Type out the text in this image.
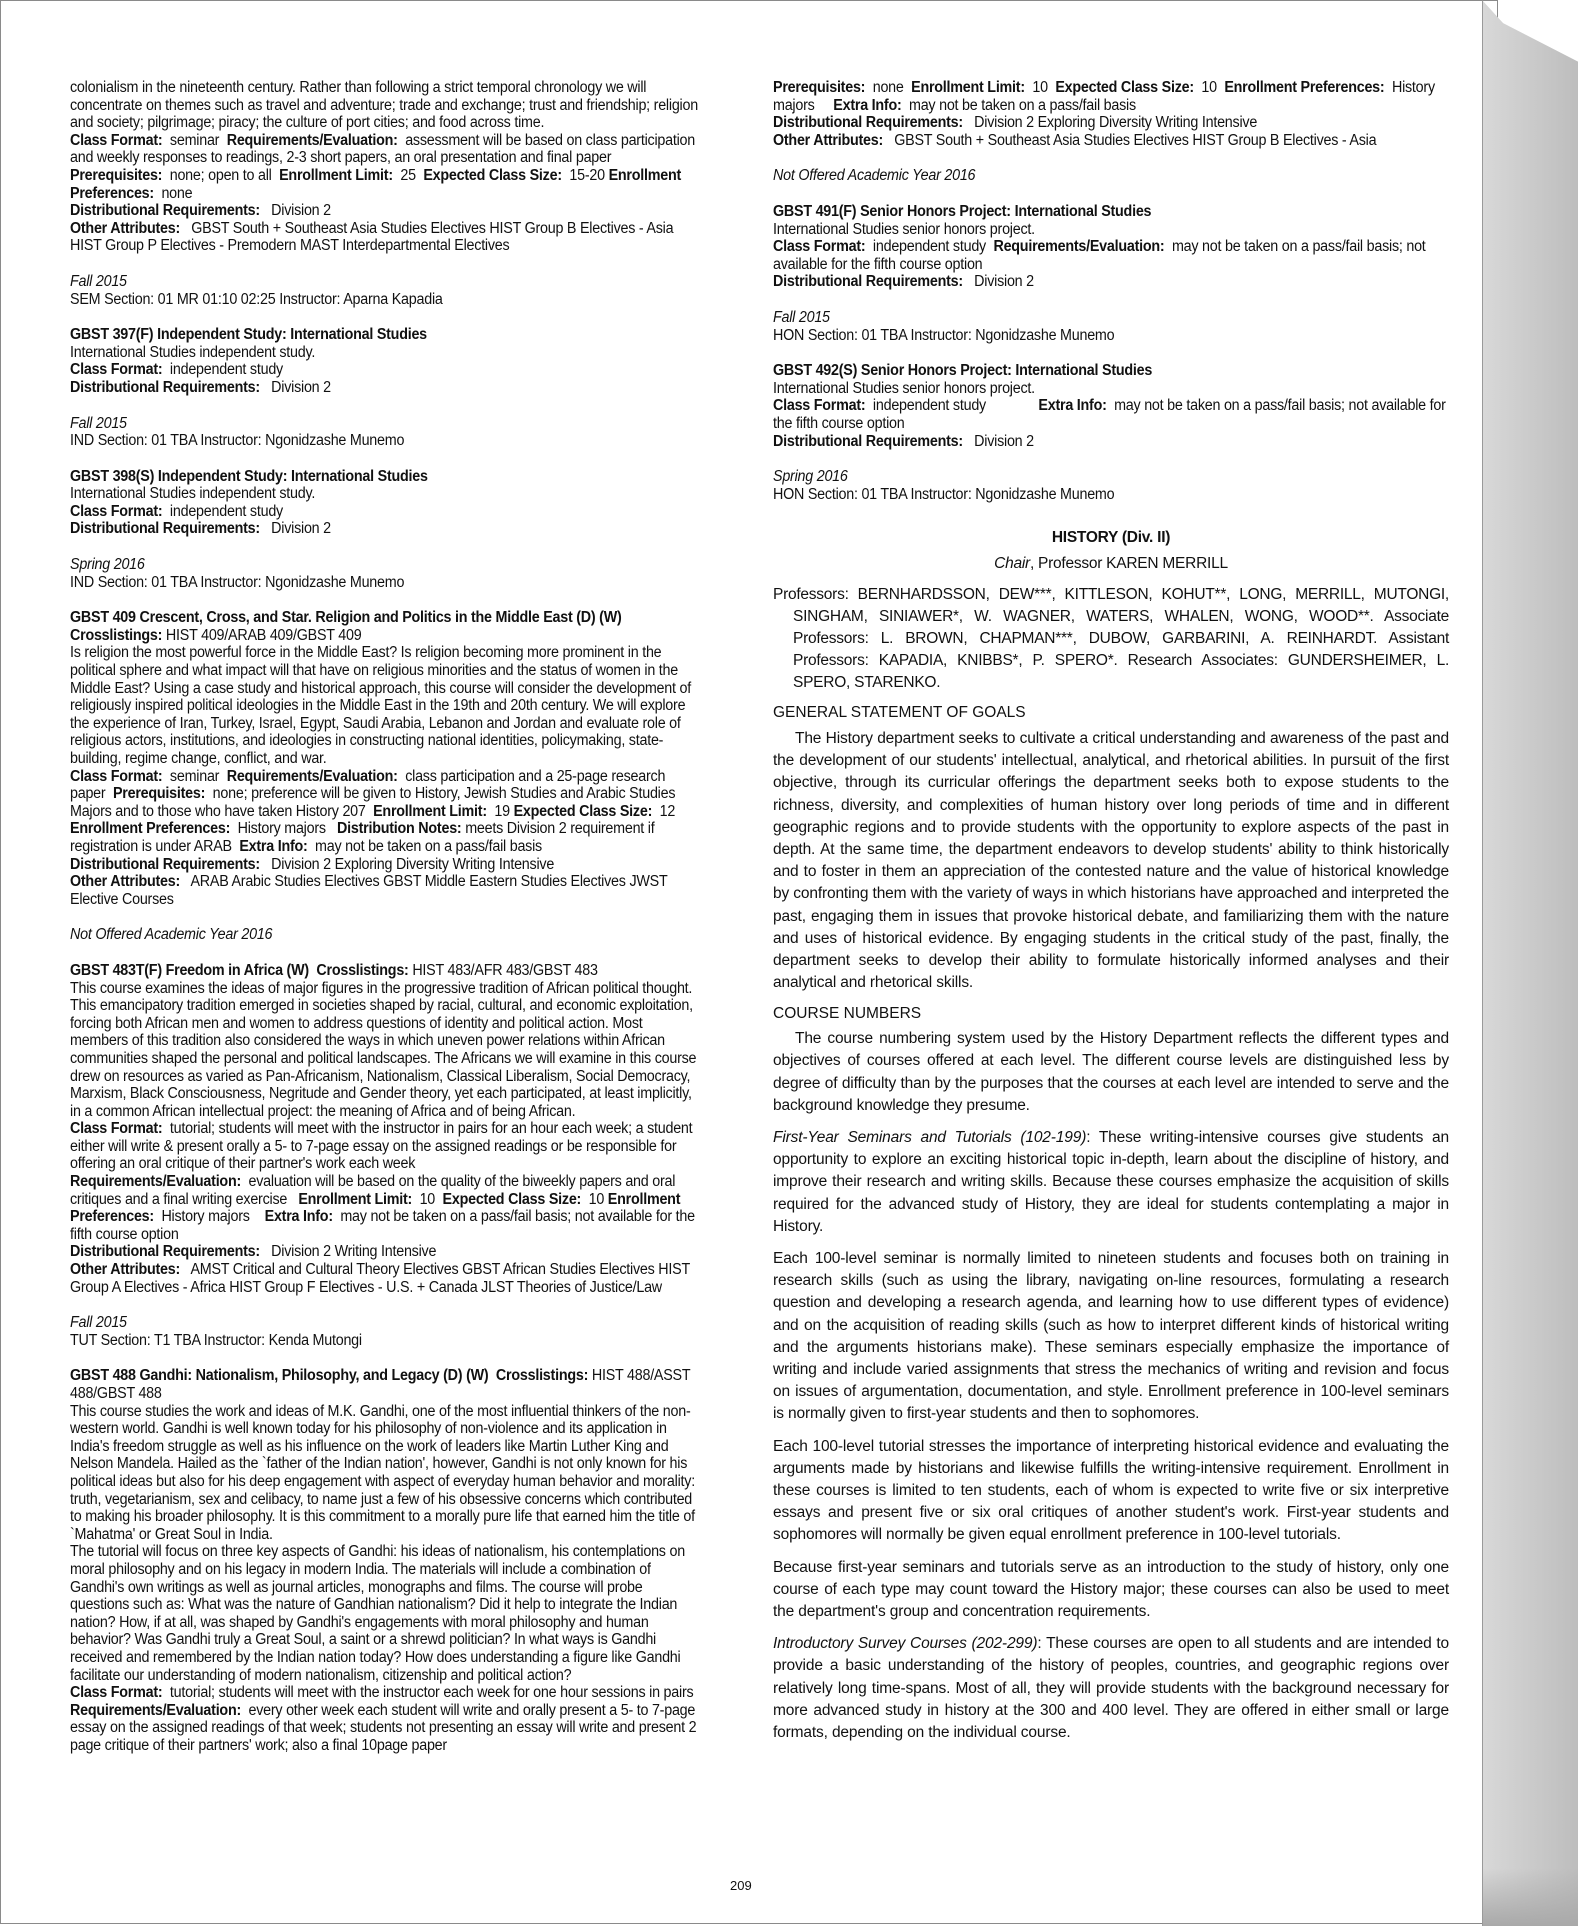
colonialism in the nineteenth century. Rather than following a strict temporal chronology we will concentrate on themes such as travel and adventure; trade and exchange; trust and friendship; religion and society; pilgrimage; piracy; the culture of port cities; and food across time.

Class Format: seminar Requirements/Evaluation: assessment will be based on class participation and weekly responses to readings, 2-3 short papers, an oral presentation and final paper  Prerequisites: none; open to all Enrollment Limit: 25 Expected Class Size: 15-20 Enrollment Preferences: none

Distributional Requirements: Division 2

Other Attributes: GBST South + Southeast Asia Studies Electives HIST Group B Electives - Asia HIST Group P Electives - Premodern MAST Interdepartmental Electives

Fall 2015

SEM Section: 01 MR 01:10 02:25 Instructor: Aparna Kapadia

GBST 397(F) Independent Study: International Studies

International Studies independent study.

Class Format: independent study

Distributional Requirements: Division 2

Fall 2015

IND Section: 01 TBA Instructor: Ngonidzashe Munemo

GBST 398(S) Independent Study: International Studies

International Studies independent study.

Class Format: independent study

Distributional Requirements: Division 2

Spring 2016

IND Section: 01 TBA Instructor: Ngonidzashe Munemo

GBST 409 Crescent, Cross, and Star. Religion and Politics in the Middle East (D) (W)

Crosslistings: HIST 409/ARAB 409/GBST 409

Is religion the most powerful force in the Middle East? Is religion becoming more prominent in the political sphere and what impact will that have on religious minorities and the status of women in the Middle East? Using a case study and historical approach, this course will consider the development of religiously inspired political ideologies in the Middle East in the 19th and 20th century. We will explore the experience of Iran, Turkey, Israel, Egypt, Saudi Arabia, Lebanon and Jordan and evaluate role of religious actors, institutions, and ideologies in constructing national identities, policymaking, state-building, regime change, conflict, and war.

Class Format: seminar Requirements/Evaluation: class participation and a 25-page research paper Prerequisites: none; preference will be given to History, Jewish Studies and Arabic Studies Majors and to those who have taken History 207 Enrollment Limit: 19 Expected Class Size: 12  Enrollment Preferences: History majors Distribution Notes: meets Division 2 requirement if registration is under ARAB Extra Info: may not be taken on a pass/fail basis

Distributional Requirements: Division 2 Exploring Diversity Writing Intensive

Other Attributes: ARAB Arabic Studies Electives GBST Middle Eastern Studies Electives JWST Elective Courses

Not Offered Academic Year 2016

GBST 483T(F) Freedom in Africa (W) Crosslistings: HIST 483/AFR 483/GBST 483

This course examines the ideas of major figures in the progressive tradition of African political thought. This emancipatory tradition emerged in societies shaped by racial, cultural, and economic exploitation, forcing both African men and women to address questions of identity and political action. Most members of this tradition also considered the ways in which uneven power relations within African communities shaped the personal and political landscapes. The Africans we will examine in this course drew on resources as varied as Pan-Africanism, Nationalism, Classical Liberalism, Social Democracy, Marxism, Black Consciousness, Negritude and Gender theory, yet each participated, at least implicitly, in a common African intellectual project: the meaning of Africa and of being African.

Class Format: tutorial; students will meet with the instructor in pairs for an hour each week; a student either will write & present orally a 5- to 7-page essay on the assigned readings or be responsible for offering an oral critique of their partner's work each week

Requirements/Evaluation: evaluation will be based on the quality of the biweekly papers and oral critiques and a final writing exercise Enrollment Limit: 10 Expected Class Size: 10 Enrollment Preferences: History majors Extra Info: may not be taken on a pass/fail basis; not available for the fifth course option

Distributional Requirements: Division 2 Writing Intensive

Other Attributes: AMST Critical and Cultural Theory Electives GBST African Studies Electives HIST Group A Electives - Africa HIST Group F Electives - U.S. + Canada JLST Theories of Justice/Law

Fall 2015

TUT Section: T1 TBA Instructor: Kenda Mutongi

GBST 488 Gandhi: Nationalism, Philosophy, and Legacy (D) (W) Crosslistings: HIST 488/ASST 488/GBST 488

This course studies the work and ideas of M.K. Gandhi, one of the most influential thinkers of the non-western world. Gandhi is well known today for his philosophy of non-violence and its application in India's freedom struggle as well as his influence on the work of leaders like Martin Luther King and Nelson Mandela. Hailed as the `father of the Indian nation', however, Gandhi is not only known for his political ideas but also for his deep engagement with aspect of everyday human behavior and morality: truth, vegetarianism, sex and celibacy, to name just a few of his obsessive concerns which contributed to making his broader philosophy. It is this commitment to a morally pure life that earned him the title of `Mahatma' or Great Soul in India.

The tutorial will focus on three key aspects of Gandhi: his ideas of nationalism, his contemplations on moral philosophy and on his legacy in modern India. The materials will include a combination of Gandhi's own writings as well as journal articles, monographs and films. The course will probe questions such as: What was the nature of Gandhian nationalism? Did it help to integrate the Indian nation? How, if at all, was shaped by Gandhi's engagements with moral philosophy and human behavior? Was Gandhi truly a Great Soul, a saint or a shrewd politician? In what ways is Gandhi received and remembered by the Indian nation today? How does understanding a figure like Gandhi facilitate our understanding of modern nationalism, citizenship and political action?

Class Format: tutorial; students will meet with the instructor each week for one hour sessions in pairs  Requirements/Evaluation: every other week each student will write and orally present a 5- to 7-page essay on the assigned readings of that week; students not presenting an essay will write and present 2 page critique of their partners' work; also a final 10page paper

Prerequisites: none Enrollment Limit: 10 Expected Class Size: 10 Enrollment Preferences: History majors Extra Info: may not be taken on a pass/fail basis

Distributional Requirements: Division 2 Exploring Diversity Writing Intensive

Other Attributes: GBST South + Southeast Asia Studies Electives HIST Group B Electives - Asia

Not Offered Academic Year 2016

GBST 491(F) Senior Honors Project: International Studies

International Studies senior honors project.

Class Format: independent study Requirements/Evaluation: may not be taken on a pass/fail basis; not available for the fifth course option

Distributional Requirements: Division 2

Fall 2015

HON Section: 01 TBA Instructor: Ngonidzashe Munemo

GBST 492(S) Senior Honors Project: International Studies

International Studies senior honors project.

Class Format: independent study	Extra Info: may not be taken on a pass/fail basis; not available for the fifth course option

Distributional Requirements: Division 2

Spring 2016

HON Section: 01 TBA Instructor: Ngonidzashe Munemo

HISTORY (Div. II)

Chair, Professor KAREN MERRILL

Professors: BERNHARDSSON, DEW***, KITTLESON, KOHUT**, LONG, MERRILL, MUTONGI, SINGHAM, SINIAWER*, W. WAGNER, WATERS, WHALEN, WONG, WOOD**. Associate Professors: L. BROWN, CHAPMAN***, DUBOW, GARBARINI, A. REINHARDT. Assistant Professors: KAPADIA, KNIBBS*, P. SPERO*. Research Associates: GUNDERSHEIMER, L. SPERO, STARENKO.

GENERAL STATEMENT OF GOALS

The History department seeks to cultivate a critical understanding and awareness of the past and the development of our students' intellectual, analytical, and rhetorical abilities. In pursuit of the first objective, through its curricular offerings the department seeks both to expose students to the richness, diversity, and complexities of human history over long periods of time and in different geographic regions and to provide students with the opportunity to explore aspects of the past in depth. At the same time, the department endeavors to develop students' ability to think historically and to foster in them an appreciation of the contested nature and the value of historical knowledge by confronting them with the variety of ways in which historians have approached and interpreted the past, engaging them in issues that provoke historical debate, and familiarizing them with the nature and uses of historical evidence. By engaging students in the critical study of the past, finally, the department seeks to develop their ability to formulate historically informed analyses and their analytical and rhetorical skills.

COURSE NUMBERS

The course numbering system used by the History Department reflects the different types and objectives of courses offered at each level. The different course levels are distinguished less by degree of difficulty than by the purposes that the courses at each level are intended to serve and the background knowledge they presume.

First-Year Seminars and Tutorials (102-199): These writing-intensive courses give students an opportunity to explore an exciting historical topic in-depth, learn about the discipline of history, and improve their research and writing skills. Because these courses emphasize the acquisition of skills required for the advanced study of History, they are ideal for students contemplating a major in History.

Each 100-level seminar is normally limited to nineteen students and focuses both on training in research skills (such as using the library, navigating on-line resources, formulating a research question and developing a research agenda, and learning how to use different types of evidence) and on the acquisition of reading skills (such as how to interpret different kinds of historical writing and the arguments historians make). These seminars especially emphasize the importance of writing and include varied assignments that stress the mechanics of writing and revision and focus on issues of argumentation, documentation, and style. Enrollment preference in 100-level seminars is normally given to first-year students and then to sophomores.

Each 100-level tutorial stresses the importance of interpreting historical evidence and evaluating the arguments made by historians and likewise fulfills the writing-intensive requirement. Enrollment in these courses is limited to ten students, each of whom is expected to write five or six interpretive essays and present five or six oral critiques of another student's work. First-year students and sophomores will normally be given equal enrollment preference in 100-level tutorials.

Because first-year seminars and tutorials serve as an introduction to the study of history, only one course of each type may count toward the History major; these courses can also be used to meet the department's group and concentration requirements.

Introductory Survey Courses (202-299): These courses are open to all students and are intended to provide a basic understanding of the history of peoples, countries, and geographic regions over relatively long time-spans. Most of all, they will provide students with the background necessary for more advanced study in history at the 300 and 400 level. They are offered in either small or large formats, depending on the individual course.

209
